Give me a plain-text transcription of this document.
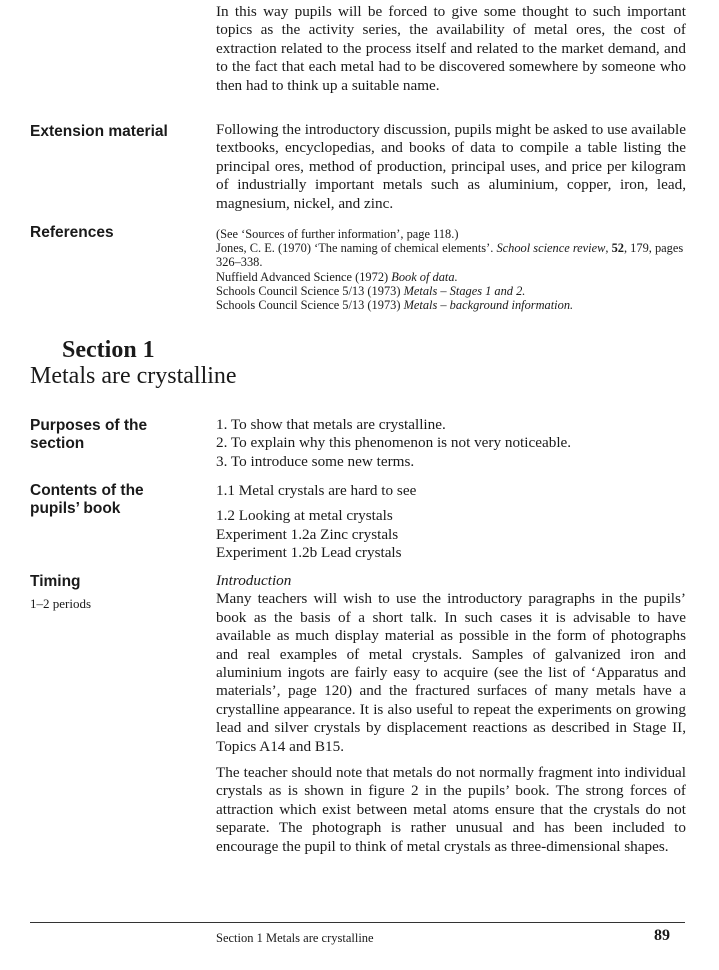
In this way pupils will be forced to give some thought to such important topics as the activity series, the availability of metal ores, the cost of extraction related to the process itself and related to the market demand, and to the fact that each metal had to be discovered somewhere by someone who then had to think up a suitable name.
Extension material	Following the introductory discussion, pupils might be asked to use available textbooks, encyclopedias, and books of data to compile a table listing the principal ores, method of production, principal uses, and price per kilogram of industrially important metals such as aluminium, copper, iron, lead, magnesium, nickel, and zinc.
References	(See ‘Sources of further information’, page 118.)
Jones, C. E. (1970) ‘The naming of chemical elements’. School science review, 52, 179, pages 326–338.
Nuffield Advanced Science (1972) Book of data.
Schools Council Science 5/13 (1973) Metals – Stages 1 and 2.
Schools Council Science 5/13 (1973) Metals – background information.
Section 1
Metals are crystalline
Purposes of the section
1. To show that metals are crystalline.
2. To explain why this phenomenon is not very noticeable.
3. To introduce some new terms.
Contents of the pupils’ book
1.1 Metal crystals are hard to see
1.2 Looking at metal crystals
Experiment 1.2a Zinc crystals
Experiment 1.2b Lead crystals
Timing
1–2 periods
Introduction

Many teachers will wish to use the introductory paragraphs in the pupils’ book as the basis of a short talk. In such cases it is advisable to have available as much display material as possible in the form of photographs and real examples of metal crystals. Samples of galvanized iron and aluminium ingots are fairly easy to acquire (see the list of ‘Apparatus and materials’, page 120) and the fractured surfaces of many metals have a crystalline appearance. It is also useful to repeat the experiments on growing lead and silver crystals by displacement reactions as described in Stage II, Topics A14 and B15.

The teacher should note that metals do not normally fragment into individual crystals as is shown in figure 2 in the pupils’ book. The strong forces of attraction which exist between metal atoms ensure that the crystals do not separate. The photograph is rather unusual and has been included to encourage the pupil to think of metal crystals as three-dimensional shapes.

Section 1 Metals are crystalline	89
